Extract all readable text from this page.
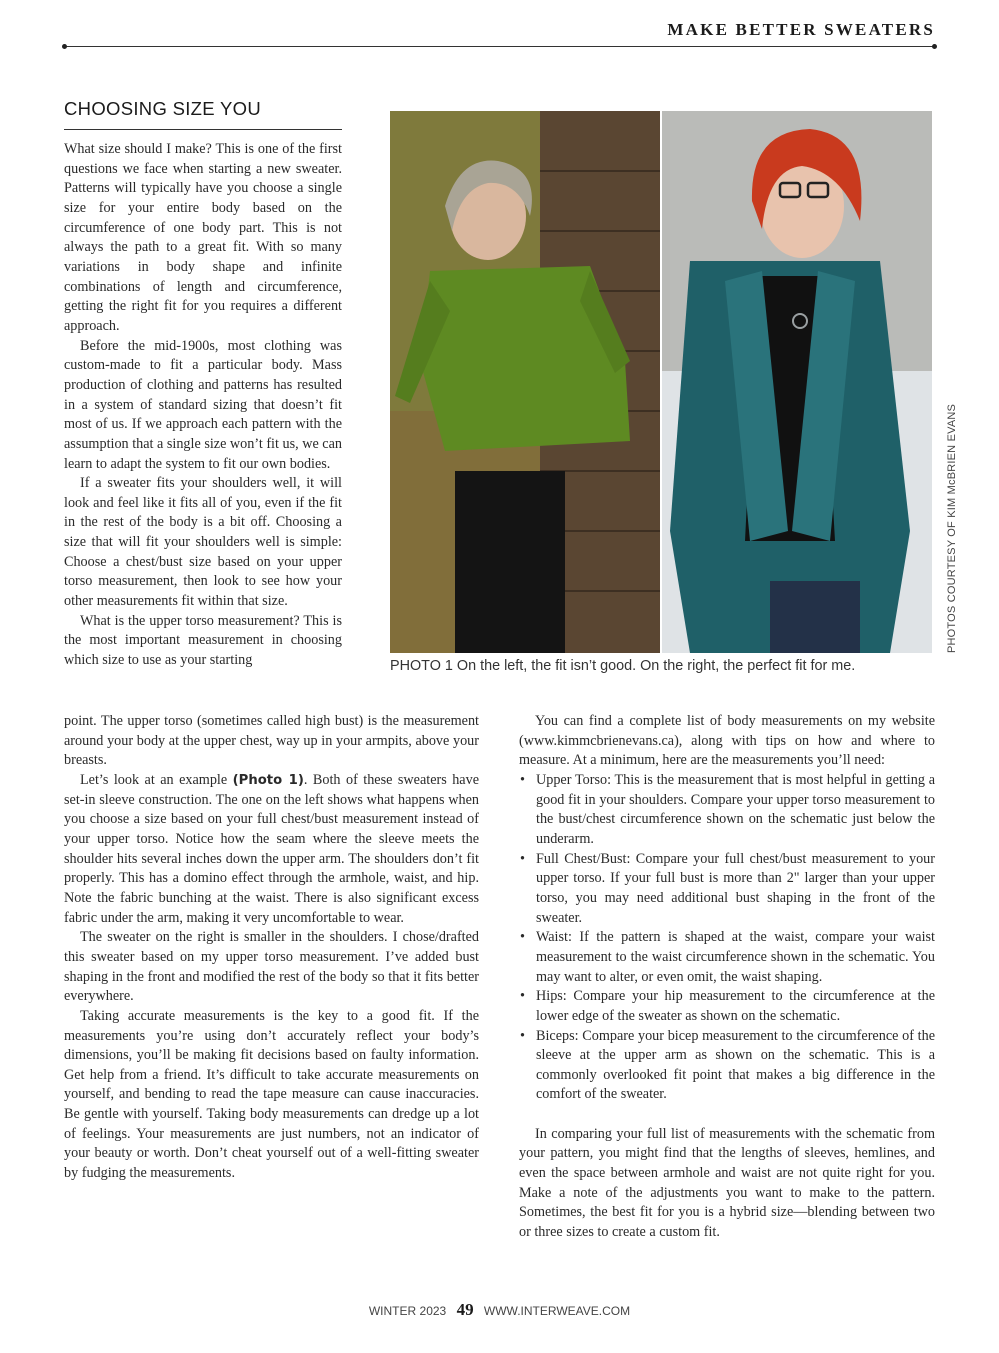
MAKE BETTER SWEATERS
CHOOSING SIZE YOU

What size should I make? This is one of the first questions we face when starting a new sweater. Patterns will typically have you choose a single size for your entire body based on the circumference of one body part. This is not always the path to a great fit. With so many variations in body shape and infinite combinations of length and circumference, getting the right fit for you requires a different approach.

Before the mid-1900s, most clothing was custom-made to fit a particular body. Mass production of clothing and patterns has resulted in a system of standard sizing that doesn’t fit most of us. If we approach each pattern with the assumption that a single size won’t fit us, we can learn to adapt the system to fit our own bodies.

If a sweater fits your shoulders well, it will look and feel like it fits all of you, even if the fit in the rest of the body is a bit off. Choosing a size that will fit your shoulders well is simple: Choose a chest/bust size based on your upper torso measurement, then look to see how your other measurements fit within that size.

What is the upper torso measurement? This is the most important measurement in choosing which size to use as your starting	PHOTO 1 On the left, the fit isn’t good. On the right, the perfect fit for me.
PHOTOS COURTESY OF KIM McBRIEN EVANS

point. The upper torso (sometimes called high bust) is the measurement around your body at the upper chest, way up in your armpits, above your breasts.

Let’s look at an example (Photo 1). Both of these sweaters have set-in sleeve construction. The one on the left shows what happens when you choose a size based on your full chest/bust measurement instead of your upper torso. Notice how the seam where the sleeve meets the shoulder hits several inches down the upper arm. The shoulders don’t fit properly. This has a domino effect through the armhole, waist, and hip. Note the fabric bunching at the waist. There is also significant excess fabric under the arm, making it very uncomfortable to wear.

The sweater on the right is smaller in the shoulders. I chose/drafted this sweater based on my upper torso measurement. I’ve added bust shaping in the front and modified the rest of the body so that it fits better everywhere.

Taking accurate measurements is the key to a good fit. If the measurements you’re using don’t accurately reflect your body’s dimensions, you’ll be making fit decisions based on faulty information. Get help from a friend. It’s difficult to take accurate measurements on yourself, and bending to read the tape measure can cause inaccuracies. Be gentle with yourself. Taking body measurements can dredge up a lot of feelings. Your measurements are just numbers, not an indicator of your beauty or worth. Don’t cheat yourself out of a well-fitting sweater by fudging the measurements.

You can find a complete list of body measurements on my website (www.kimmcbrienevans.ca), along with tips on how and where to measure. At a minimum, here are the measurements you’ll need:

• Upper Torso: This is the measurement that is most helpful in getting a good fit in your shoulders. Compare your upper torso measurement to the bust/chest circumference shown on the schematic just below the underarm.
• Full Chest/Bust: Compare your full chest/bust measurement to your upper torso. If your full bust is more than 2" larger than your upper torso, you may need additional bust shaping in the front of the sweater.
• Waist: If the pattern is shaped at the waist, compare your waist measurement to the waist circumference shown in the schematic. You may want to alter, or even omit, the waist shaping.
• Hips: Compare your hip measurement to the circumference at the lower edge of the sweater as shown on the schematic.
• Biceps: Compare your bicep measurement to the circumference of the sleeve at the upper arm as shown on the schematic. This is a commonly overlooked fit point that makes a big difference in the comfort of the sweater.

In comparing your full list of measurements with the schematic from your pattern, you might find that the lengths of sleeves, hemlines, and even the space between armhole and waist are not quite right for you. Make a note of the adjustments you want to make to the pattern. Sometimes, the best fit for you is a hybrid size—blending between two or three sizes to create a custom fit.

WINTER 2023 49 WWW.INTERWEAVE.COM
